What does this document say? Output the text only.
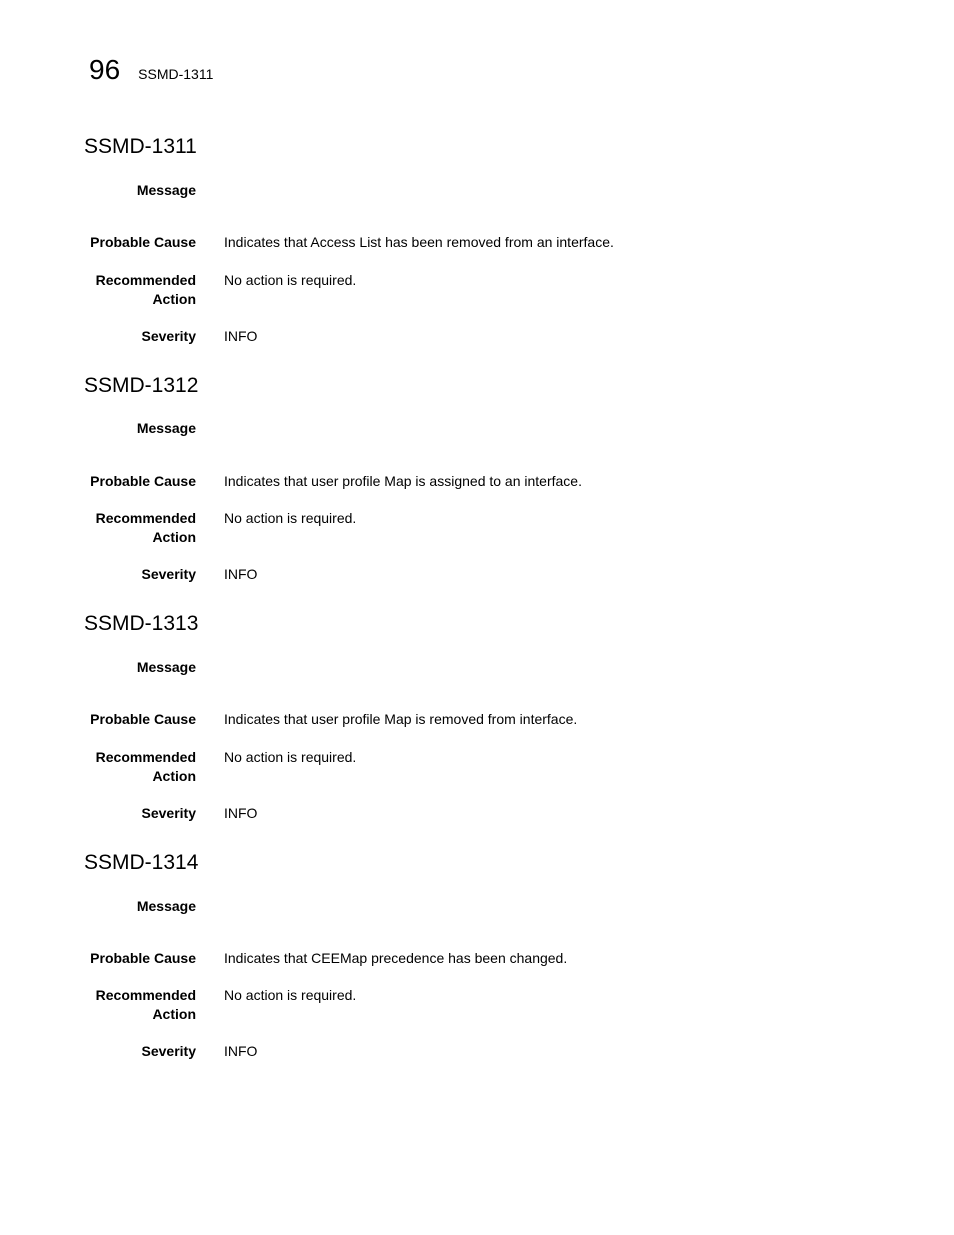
96 SSMD-1311
SSMD-1311
Message
Probable Cause Indicates that Access List has been removed from an interface.
Recommended
Action
No action is required.
Severity INFO
SSMD-1312
Message
Probable Cause Indicates that user profile Map is assigned to an interface.
Recommended
Action
No action is required.
Severity INFO
SSMD-1313
Message
Probable Cause Indicates that user profile Map is removed from interface.
Recommended
Action
No action is required.
Severity INFO
SSMD-1314
Message
Probable Cause Indicates that CEEMap precedence has been changed.
Recommended
Action
No action is required.
Severity INFO
